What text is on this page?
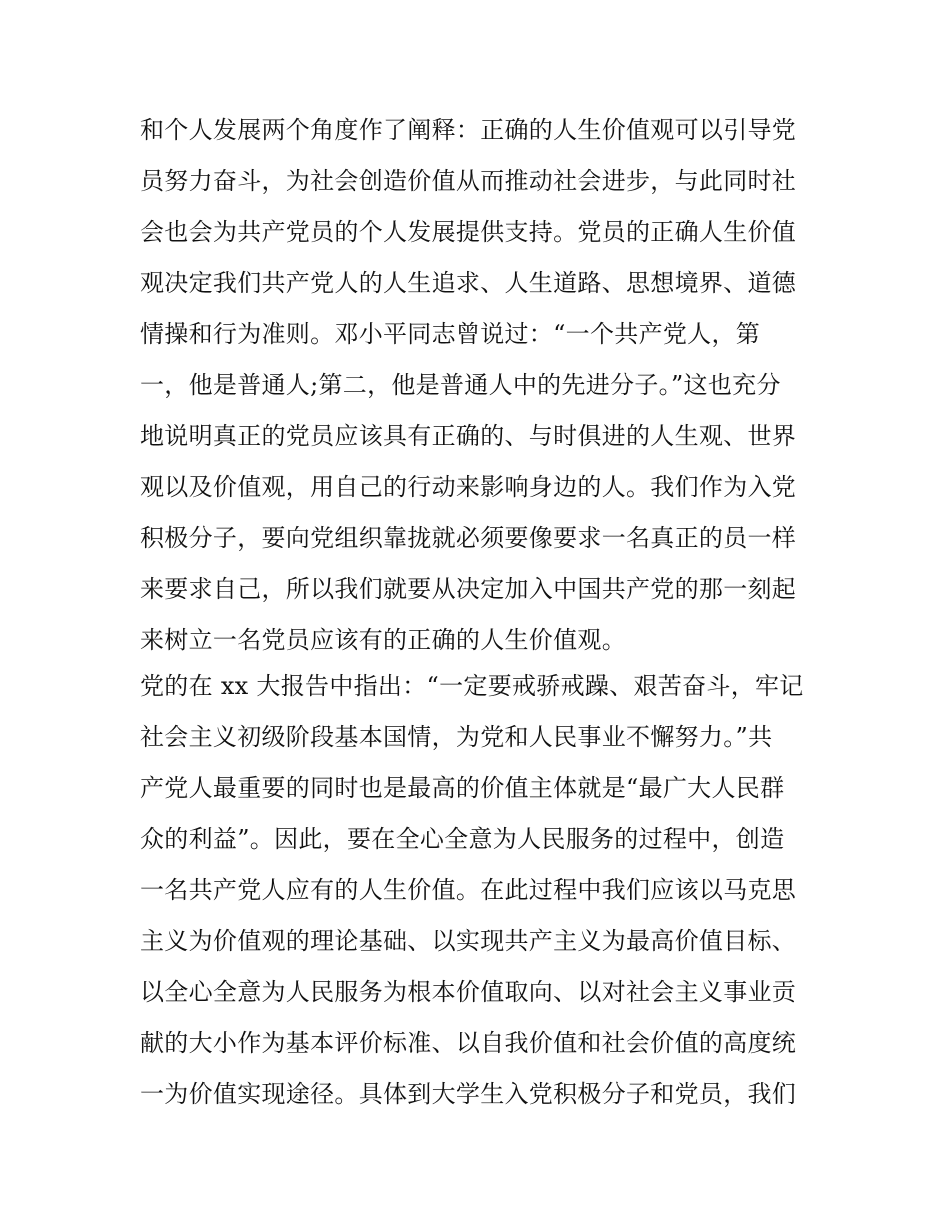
和个人发展两个角度作了阐释：正确的人生价值观可以引导党
员努力奋斗，为社会创造价值从而推动社会进步，与此同时社
会也会为共产党员的个人发展提供支持。党员的正确人生价值
观决定我们共产党人的人生追求、人生道路、思想境界、道德
情操和行为准则。邓小平同志曾说过：“一个共产党人，第
一，他是普通人;第二，他是普通人中的先进分子。”这也充分
地说明真正的党员应该具有正确的、与时俱进的人生观、世界
观以及价值观，用自己的行动来影响身边的人。我们作为入党
积极分子，要向党组织靠拢就必须要像要求一名真正的员一样
来要求自己，所以我们就要从决定加入中国共产党的那一刻起
来树立一名党员应该有的正确的人生价值观。
党的在 xx 大报告中指出：“一定要戒骄戒躁、艰苦奋斗，牢记
社会主义初级阶段基本国情，为党和人民事业不懈努力。”共
产党人最重要的同时也是最高的价值主体就是“最广大人民群
众的利益”。因此，要在全心全意为人民服务的过程中，创造
一名共产党人应有的人生价值。在此过程中我们应该以马克思
主义为价值观的理论基础、以实现共产主义为最高价值目标、
以全心全意为人民服务为根本价值取向、以对社会主义事业贡
献的大小作为基本评价标准、以自我价值和社会价值的高度统
一为价值实现途径。具体到大学生入党积极分子和党员，我们
